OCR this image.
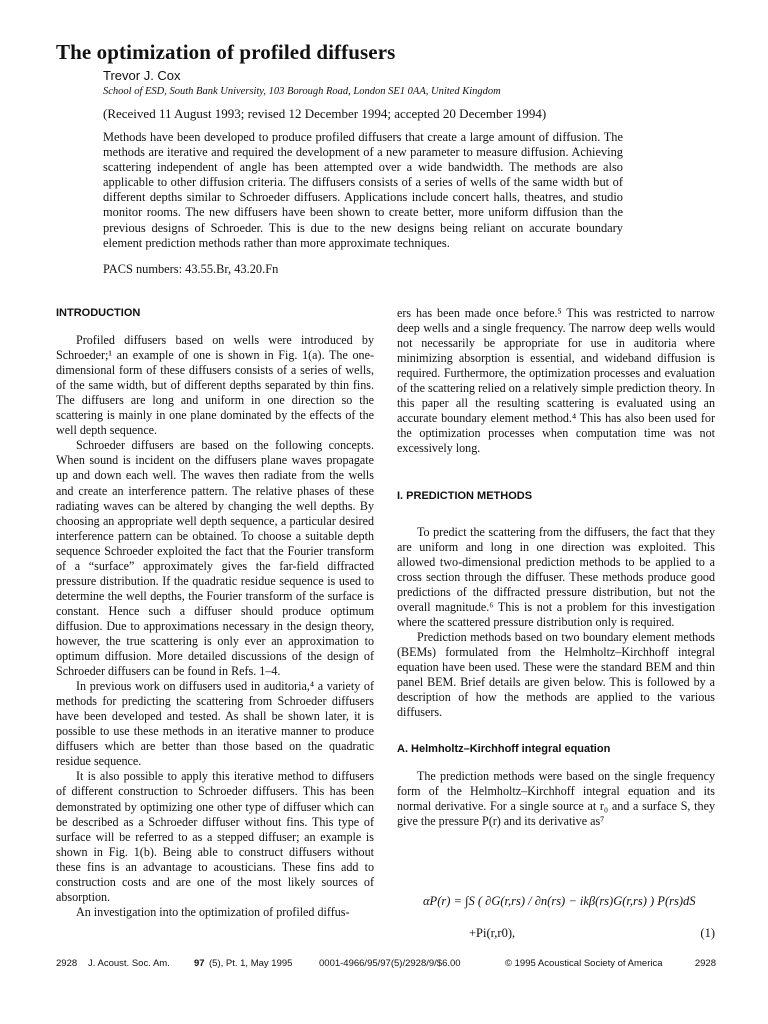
The optimization of profiled diffusers
Trevor J. Cox
School of ESD, South Bank University, 103 Borough Road, London SE1 0AA, United Kingdom
(Received 11 August 1993; revised 12 December 1994; accepted 20 December 1994)

Methods have been developed to produce profiled diffusers that create a large amount of diffusion. The methods are iterative and required the development of a new parameter to measure diffusion. Achieving scattering independent of angle has been attempted over a wide bandwidth. The methods are also applicable to other diffusion criteria. The diffusers consists of a series of wells of the same width but of different depths similar to Schroeder diffusers. Applications include concert halls, theatres, and studio monitor rooms. The new diffusers have been shown to create better, more uniform diffusion than the previous designs of Schroeder. This is due to the new designs being reliant on accurate boundary element prediction methods rather than more approximate techniques.

PACS numbers: 43.55.Br, 43.20.Fn
INTRODUCTION

Profiled diffusers based on wells were introduced by Schroeder;¹ an example of one is shown in Fig. 1(a). The one-dimensional form of these diffusers consists of a series of wells, of the same width, but of different depths separated by thin fins. The diffusers are long and uniform in one direction so the scattering is mainly in one plane dominated by the effects of the well depth sequence.

Schroeder diffusers are based on the following concepts. When sound is incident on the diffusers plane waves propagate up and down each well. The waves then radiate from the wells and create an interference pattern. The relative phases of these radiating waves can be altered by changing the well depths. By choosing an appropriate well depth sequence, a particular desired interference pattern can be obtained. To choose a suitable depth sequence Schroeder exploited the fact that the Fourier transform of a “surface” approximately gives the far-field diffracted pressure distribution. If the quadratic residue sequence is used to determine the well depths, the Fourier transform of the surface is constant. Hence such a diffuser should produce optimum diffusion. Due to approximations necessary in the design theory, however, the true scattering is only ever an approximation to optimum diffusion. More detailed discussions of the design of Schroeder diffusers can be found in Refs. 1–4.

In previous work on diffusers used in auditoria,⁴ a variety of methods for predicting the scattering from Schroeder diffusers have been developed and tested. As shall be shown later, it is possible to use these methods in an iterative manner to produce diffusers which are better than those based on the quadratic residue sequence.

It is also possible to apply this iterative method to diffusers of different construction to Schroeder diffusers. This has been demonstrated by optimizing one other type of diffuser which can be described as a Schroeder diffuser without fins. This type of surface will be referred to as a stepped diffuser; an example is shown in Fig. 1(b). Being able to construct diffusers without these fins is an advantage to acousticians. These fins add to construction costs and are one of the most likely sources of absorption.

An investigation into the optimization of profiled diffus-

ers has been made once before.⁵ This was restricted to narrow deep wells and a single frequency. The narrow deep wells would not necessarily be appropriate for use in auditoria where minimizing absorption is essential, and wideband diffusion is required. Furthermore, the optimization processes and evaluation of the scattering relied on a relatively simple prediction theory. In this paper all the resulting scattering is evaluated using an accurate boundary element method.⁴ This has also been used for the optimization processes when computation time was not excessively long.

I. PREDICTION METHODS

To predict the scattering from the diffusers, the fact that they are uniform and long in one direction was exploited. This allowed two-dimensional prediction methods to be applied to a cross section through the diffuser. These methods produce good predictions of the diffracted pressure distribution, but not the overall magnitude.⁶ This is not a problem for this investigation where the scattered pressure distribution only is required.

Prediction methods based on two boundary element methods (BEMs) formulated from the Helmholtz–Kirchhoff integral equation have been used. These were the standard BEM and thin panel BEM. Brief details are given below. This is followed by a description of how the methods are applied to the various diffusers.

A. Helmholtz–Kirchhoff integral equation

The prediction methods were based on the single frequency form of the Helmholtz–Kirchhoff integral equation and its normal derivative. For a single source at r₀ and a surface S, they give the pressure P(r) and its derivative as⁷

αP(r) = ∫S ( ∂G(r,rs) / ∂n(rs) − ikβ(rs)G(r,rs) ) P(rs)dS
+Pi(r,r0),	(1)
2928 J. Acoust. Soc. Am.	97 (5), Pt. 1, May 1995	0001-4966/95/97(5)/2928/9/$6.00	© 1995 Acoustical Society of America	2928
